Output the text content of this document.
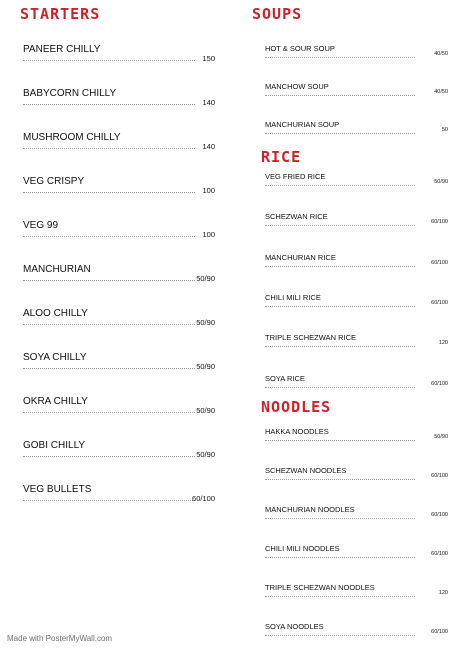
STARTERS
PANEER CHILLY
150
BABYCORN CHILLY
140
MUSHROOM CHILLY
140
VEG CRISPY
100
VEG 99
100
MANCHURIAN
50/90
ALOO CHILLY
50/90
SOYA CHILLY
50/90
OKRA CHILLY
50/90
GOBI CHILLY
50/90
VEG BULLETS
60/100
SOUPS
HOT & SOUR SOUP
40/50
MANCHOW SOUP
40/50
MANCHURIAN SOUP
50
RICE
VEG FRIED RICE
50/90
SCHEZWAN RICE
60/100
MANCHURIAN RICE
60/100
CHILI MILI RICE
60/100
TRIPLE SCHEZWAN RICE
120
SOYA RICE
60/100
NOODLES
HAKKA NOODLES
50/90
SCHEZWAN NOODLES
60/100
MANCHURIAN NOODLES
60/100
CHILI MILI NOODLES
60/100
TRIPLE SCHEZWAN NOODLES
120
SOYA NOODLES
60/100
Made with PosterMyWall.com
